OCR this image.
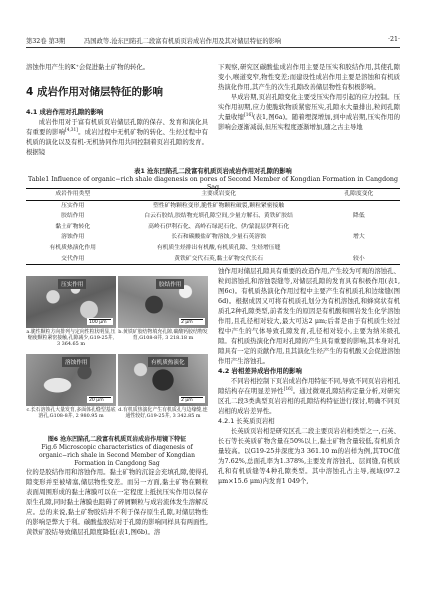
第32卷 第3期	冯国政等.沧东凹陷孔二段富有机质页岩成岩作用及其对储层特征的影响	·21·

溶蚀作用产生的K⁺会促进黏土矿物的转化。

4 成岩作用对储层特征的影响

4.1 成岩作用对孔隙的影响

成岩作用对于富有机质页岩储层孔隙的保存、发育和演化具有重要的影响[4,31]。成岩过程中无机矿物的转化、生烃过程中有机质的演化以及有机-无机协同作用共同控制着页岩孔隙的发育。根据镜

下观察,研究区碳酸盐成岩作用主要是压实和胶结作用,其使孔隙变小,喉道变窄,物性变差;而建设性成岩作用主要是溶蚀和有机质热演化作用,其产生的次生孔隙改善储层物性有积极影响。

早成岩期,页岩孔隙变化主要受压实作用引起的应力控制。压实作用初期,应力使脆软物质紧密压实,孔隙水大量排出,粒间孔隙大量收缩[16](表1,图6a)。随着埋深增加,到中成岩期,压实作用的影响会逐渐减弱,但压实程度逐渐增加,随之古主导地

表1 沧东凹陷孔二段富有机质页岩成岩作用对孔隙的影响
Table1 Influence of organic−rich shale diagenesis on pores of Second Member of Kongdian Formation in Cangdong Sag
成岩作用类型	主要成岩变化	孔隙度变化
压实作用	塑性矿物颗粒变形,脆性矿物颗粒破裂,颗粒紧密接触	
胶结作用	白云石胶结,胶结物充填孔隙空间,少量方解石、黄铁矿胶结	降低
黏土矿物转化	高岭石伊利石化、高岭石绿泥石化、伊/蒙混层伊利石化	
溶蚀作用	长石和碳酸盐矿物溶蚀,少量石英溶蚀	增大
有机质热演化作用	有机质生烃排出有机酸,有机质孔隙、生烃增压缝	
交代作用	黄铁矿交代石英,黏土矿物交代长石	较小
压实作用
100 μm
a.脆性颗粒方向排列与定向性粒状明显,压缩使颗粒紧密接触,孔隙减少,G19-25井, 3 364.65 m
胶结作用
2 μm
b.黄铁矿胶结物填充孔隙,碳酸钙胶结物发育,G108-8井, 3 218.18 m
溶蚀作用
20 μm
c.长石溶蚀孔大量发育,多面体孔缝型基底溶孔,G108-8井, 2 980.95 m
有机质热演化
2 μm
d.有机质热演化产生有机质孔与边缘缝,连通性较好,G19-25井, 3 342.85 m
图6 沧东凹陷孔二段富有机质页岩成岩作用镜下特征
Fig.6 Microscopic characteristics of diagenesis of organic−rich shale in Second Member of Kongdian Formation in Cangdong Sag

位的是胶结作用和溶蚀作用。黏土矿物的沉淀会充填孔隙,使得孔隙变形并至被堵塞,储层物性变差。而另一方面,黏土矿物在颗粒表面周围形成的黏土薄膜可以在一定程度上抵抗压实作用以保存原生孔隙,同时黏土薄膜也阻碍了碎屑颗粒与成岩流体发生溶解反应。总的来说,黏土矿物胶结并不利于保存原生孔隙,对储层物性的影响是弊大于利。碳酸盐胶结对于孔隙的影响同样具有两面性,黄铁矿胶结导致储层孔隙度降低(表1,图6b)。溶

蚀作用对储层孔隙具有重要的改造作用,产生较为可观的溶蚀孔、粒间溶蚀孔和溶蚀裂缝等,对储层孔隙的发育具有积极作用(表1,图6c)。有机质热演化作用过程中主要产生有机质孔和边缘缝(图6d)。根据成因又可将有机质孔划分为有机溶蚀孔和蜂窝状有机质孔2种孔隙类型,前者发生的原因是有机酸和围岩发生化学溶蚀作用,且孔径相对较大,最大可达2 μm;后者是由于有机质生烃过程中产生的气体导致孔隙发育,孔径相对较小,主要为纳米级孔隙。有机质热演化作用对孔隙的产生具有重要的影响,其本身对孔隙具有一定的贡献作用,且其演化生烃产生的有机酸又会促进溶蚀作用产生溶蚀孔。

4.2 岩相差异成岩作用的影响

不同岩相控制下页岩成岩作用特征不同,导致不同页岩岩相孔隙结构存在明显差异性[16]。通过微观孔隙结构定量分析,对研究区孔二段3类典型页岩岩相的孔隙结构特征进行探讨,明确不同页岩相的成岩差异性。

4.2.1 长英质页岩相

长英质页岩相是研究区孔二段主要页岩岩相类型之一,石英、长石等长英质矿物含量在50%以上,黏土矿物含量较低,有机质含量较高。以G19-25井深度为3 361.10 m的岩样为例,其TOC值为7.62%,总面孔率为1.378%,主要发育溶蚀孔、层间缝,有机质孔和有机质缝等4种孔隙类型。其中溶蚀孔占主导,视域(97.2 μm×15.6 μm)内发育1 049个,
